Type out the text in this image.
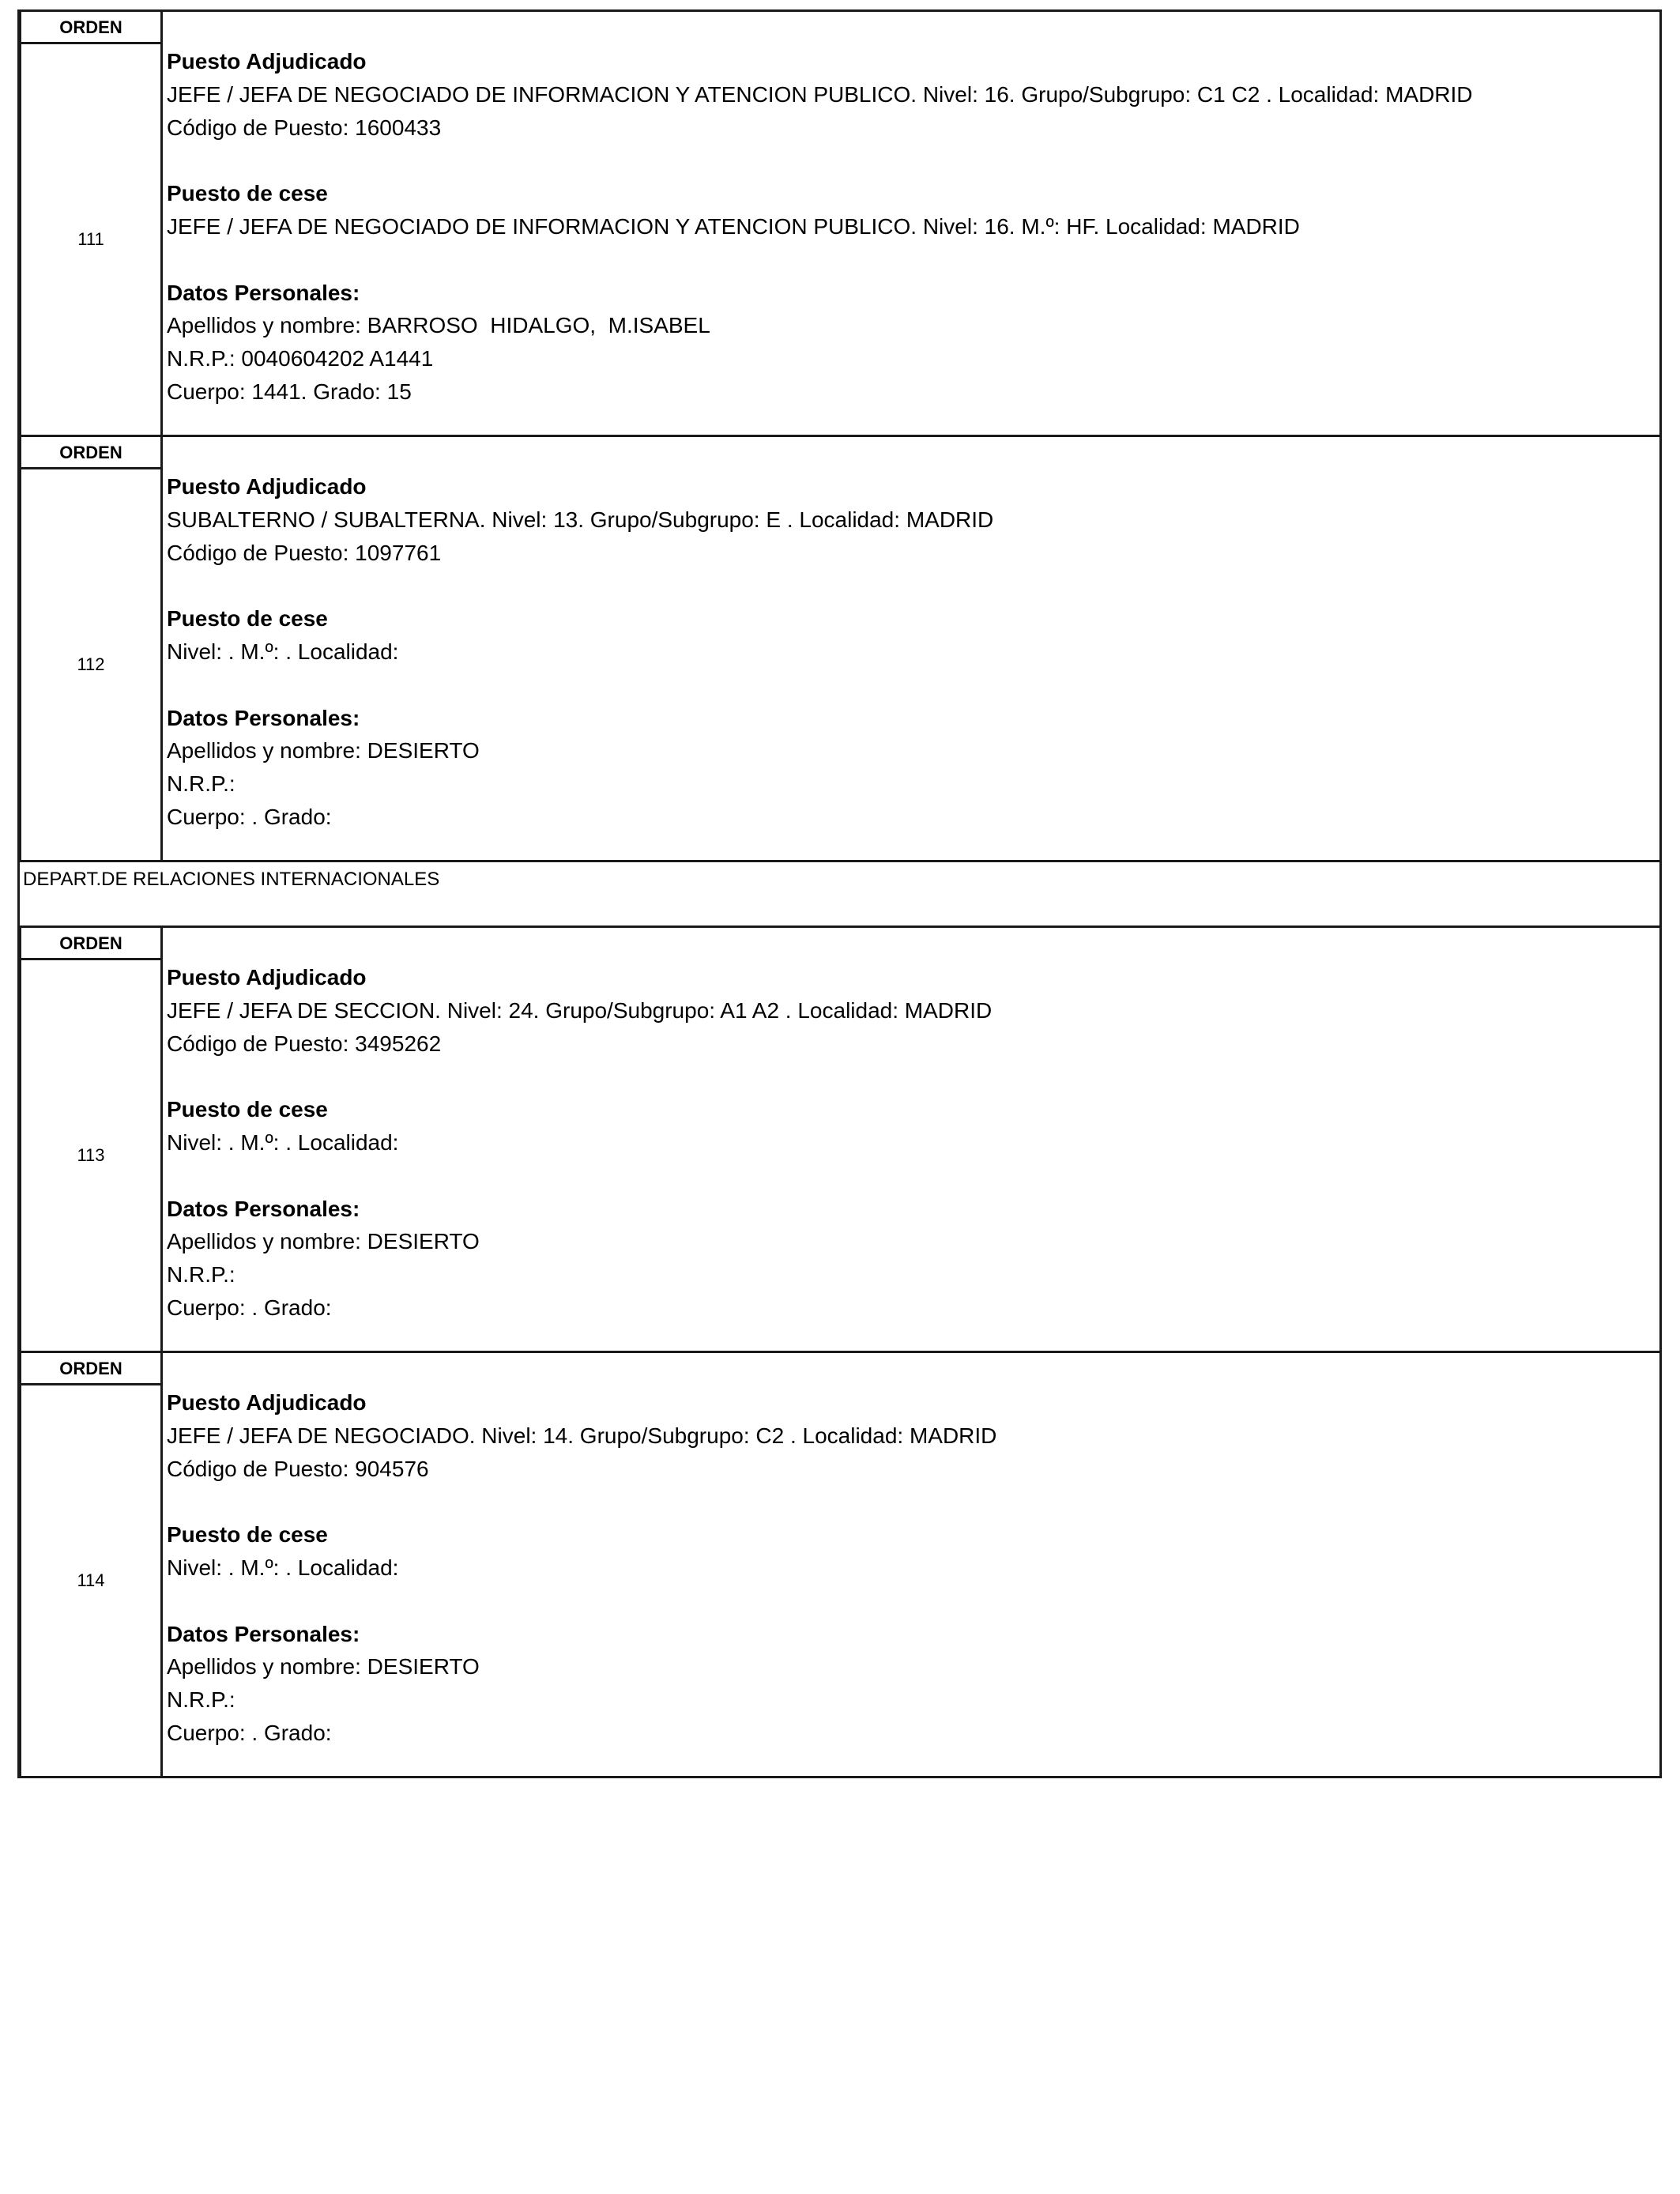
ORDEN
111
Puesto Adjudicado
JEFE / JEFA DE NEGOCIADO DE INFORMACION Y ATENCION PUBLICO. Nivel: 16. Grupo/Subgrupo: C1 C2 . Localidad: MADRID
Código de Puesto: 1600433
Puesto de cese
JEFE / JEFA DE NEGOCIADO DE INFORMACION Y ATENCION PUBLICO. Nivel: 16. M.º: HF. Localidad: MADRID
Datos Personales:
Apellidos y nombre: BARROSO  HIDALGO,  M.ISABEL
N.R.P.: 0040604202 A1441
Cuerpo: 1441. Grado: 15
ORDEN
112
Puesto Adjudicado
SUBALTERNO / SUBALTERNA. Nivel: 13. Grupo/Subgrupo: E . Localidad: MADRID
Código de Puesto: 1097761
Puesto de cese
Nivel: . M.º: . Localidad:
Datos Personales:
Apellidos y nombre: DESIERTO
N.R.P.:
Cuerpo: . Grado:
DEPART.DE RELACIONES INTERNACIONALES
ORDEN
113
Puesto Adjudicado
JEFE / JEFA DE SECCION. Nivel: 24. Grupo/Subgrupo: A1 A2 . Localidad: MADRID
Código de Puesto: 3495262
Puesto de cese
Nivel: . M.º: . Localidad:
Datos Personales:
Apellidos y nombre: DESIERTO
N.R.P.:
Cuerpo: . Grado:
ORDEN
114
Puesto Adjudicado
JEFE / JEFA DE NEGOCIADO. Nivel: 14. Grupo/Subgrupo: C2 . Localidad: MADRID
Código de Puesto: 904576
Puesto de cese
Nivel: . M.º: . Localidad:
Datos Personales:
Apellidos y nombre: DESIERTO
N.R.P.:
Cuerpo: . Grado:
